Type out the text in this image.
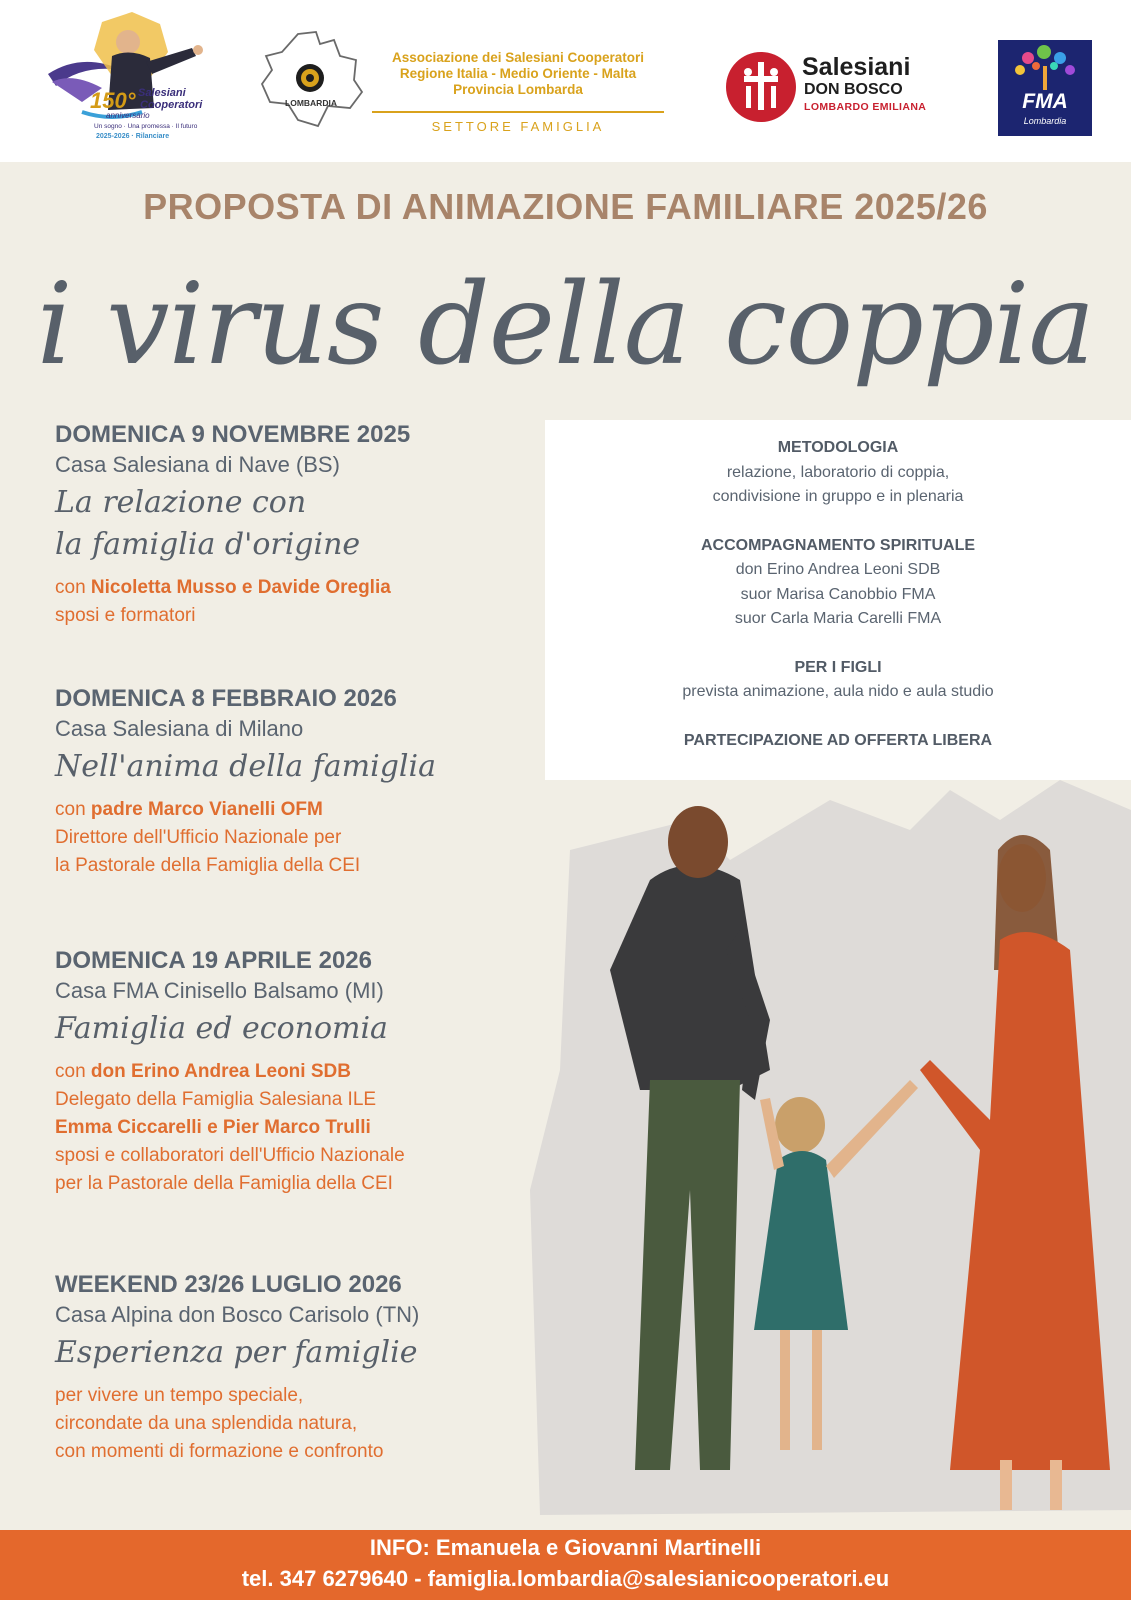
150° Salesiani
Cooperatori
anniversario
Un sogno · Una promessa · Il futuro
2025-2026 · Rilanciare
LOMBARDIA
Associazione dei Salesiani Cooperatori
Regione Italia - Medio Oriente - Malta
Provincia Lombarda
SETTORE FAMIGLIA
Salesiani
DON BOSCO
LOMBARDO EMILIANA	FMA
Lombardia
PROPOSTA DI ANIMAZIONE FAMILIARE 2025/26
i virus della coppia
METODOLOGIA
relazione, laboratorio di coppia,
condivisione in gruppo e in plenaria
ACCOMPAGNAMENTO SPIRITUALE
don Erino Andrea Leoni SDB
suor Marisa Canobbio FMA
suor Carla Maria Carelli FMA
PER I FIGLI
prevista animazione, aula nido e aula studio
PARTECIPAZIONE AD OFFERTA LIBERA
DOMENICA 9 NOVEMBRE 2025
Casa Salesiana di Nave (BS)
La relazione con
la famiglia d'origine
con Nicoletta Musso e Davide Oreglia
sposi e formatori
DOMENICA 8 FEBBRAIO 2026
Casa Salesiana di Milano
Nell'anima della famiglia
con padre Marco Vianelli OFM
Direttore dell'Ufficio Nazionale per
la Pastorale della Famiglia della CEI
DOMENICA 19 APRILE 2026
Casa FMA Cinisello Balsamo (MI)
Famiglia ed economia
con don Erino Andrea Leoni SDB
Delegato della Famiglia Salesiana ILE
Emma Ciccarelli e Pier Marco Trulli
sposi e collaboratori dell'Ufficio Nazionale
per la Pastorale della Famiglia della CEI
WEEKEND 23/26 LUGLIO 2026
Casa Alpina don Bosco Carisolo (TN)
Esperienza per famiglie
per vivere un tempo speciale,
circondate da una splendida natura,
con momenti di formazione e confronto
INFO: Emanuela e Giovanni Martinelli
tel. 347 6279640 - famiglia.lombardia@salesianicooperatori.eu
